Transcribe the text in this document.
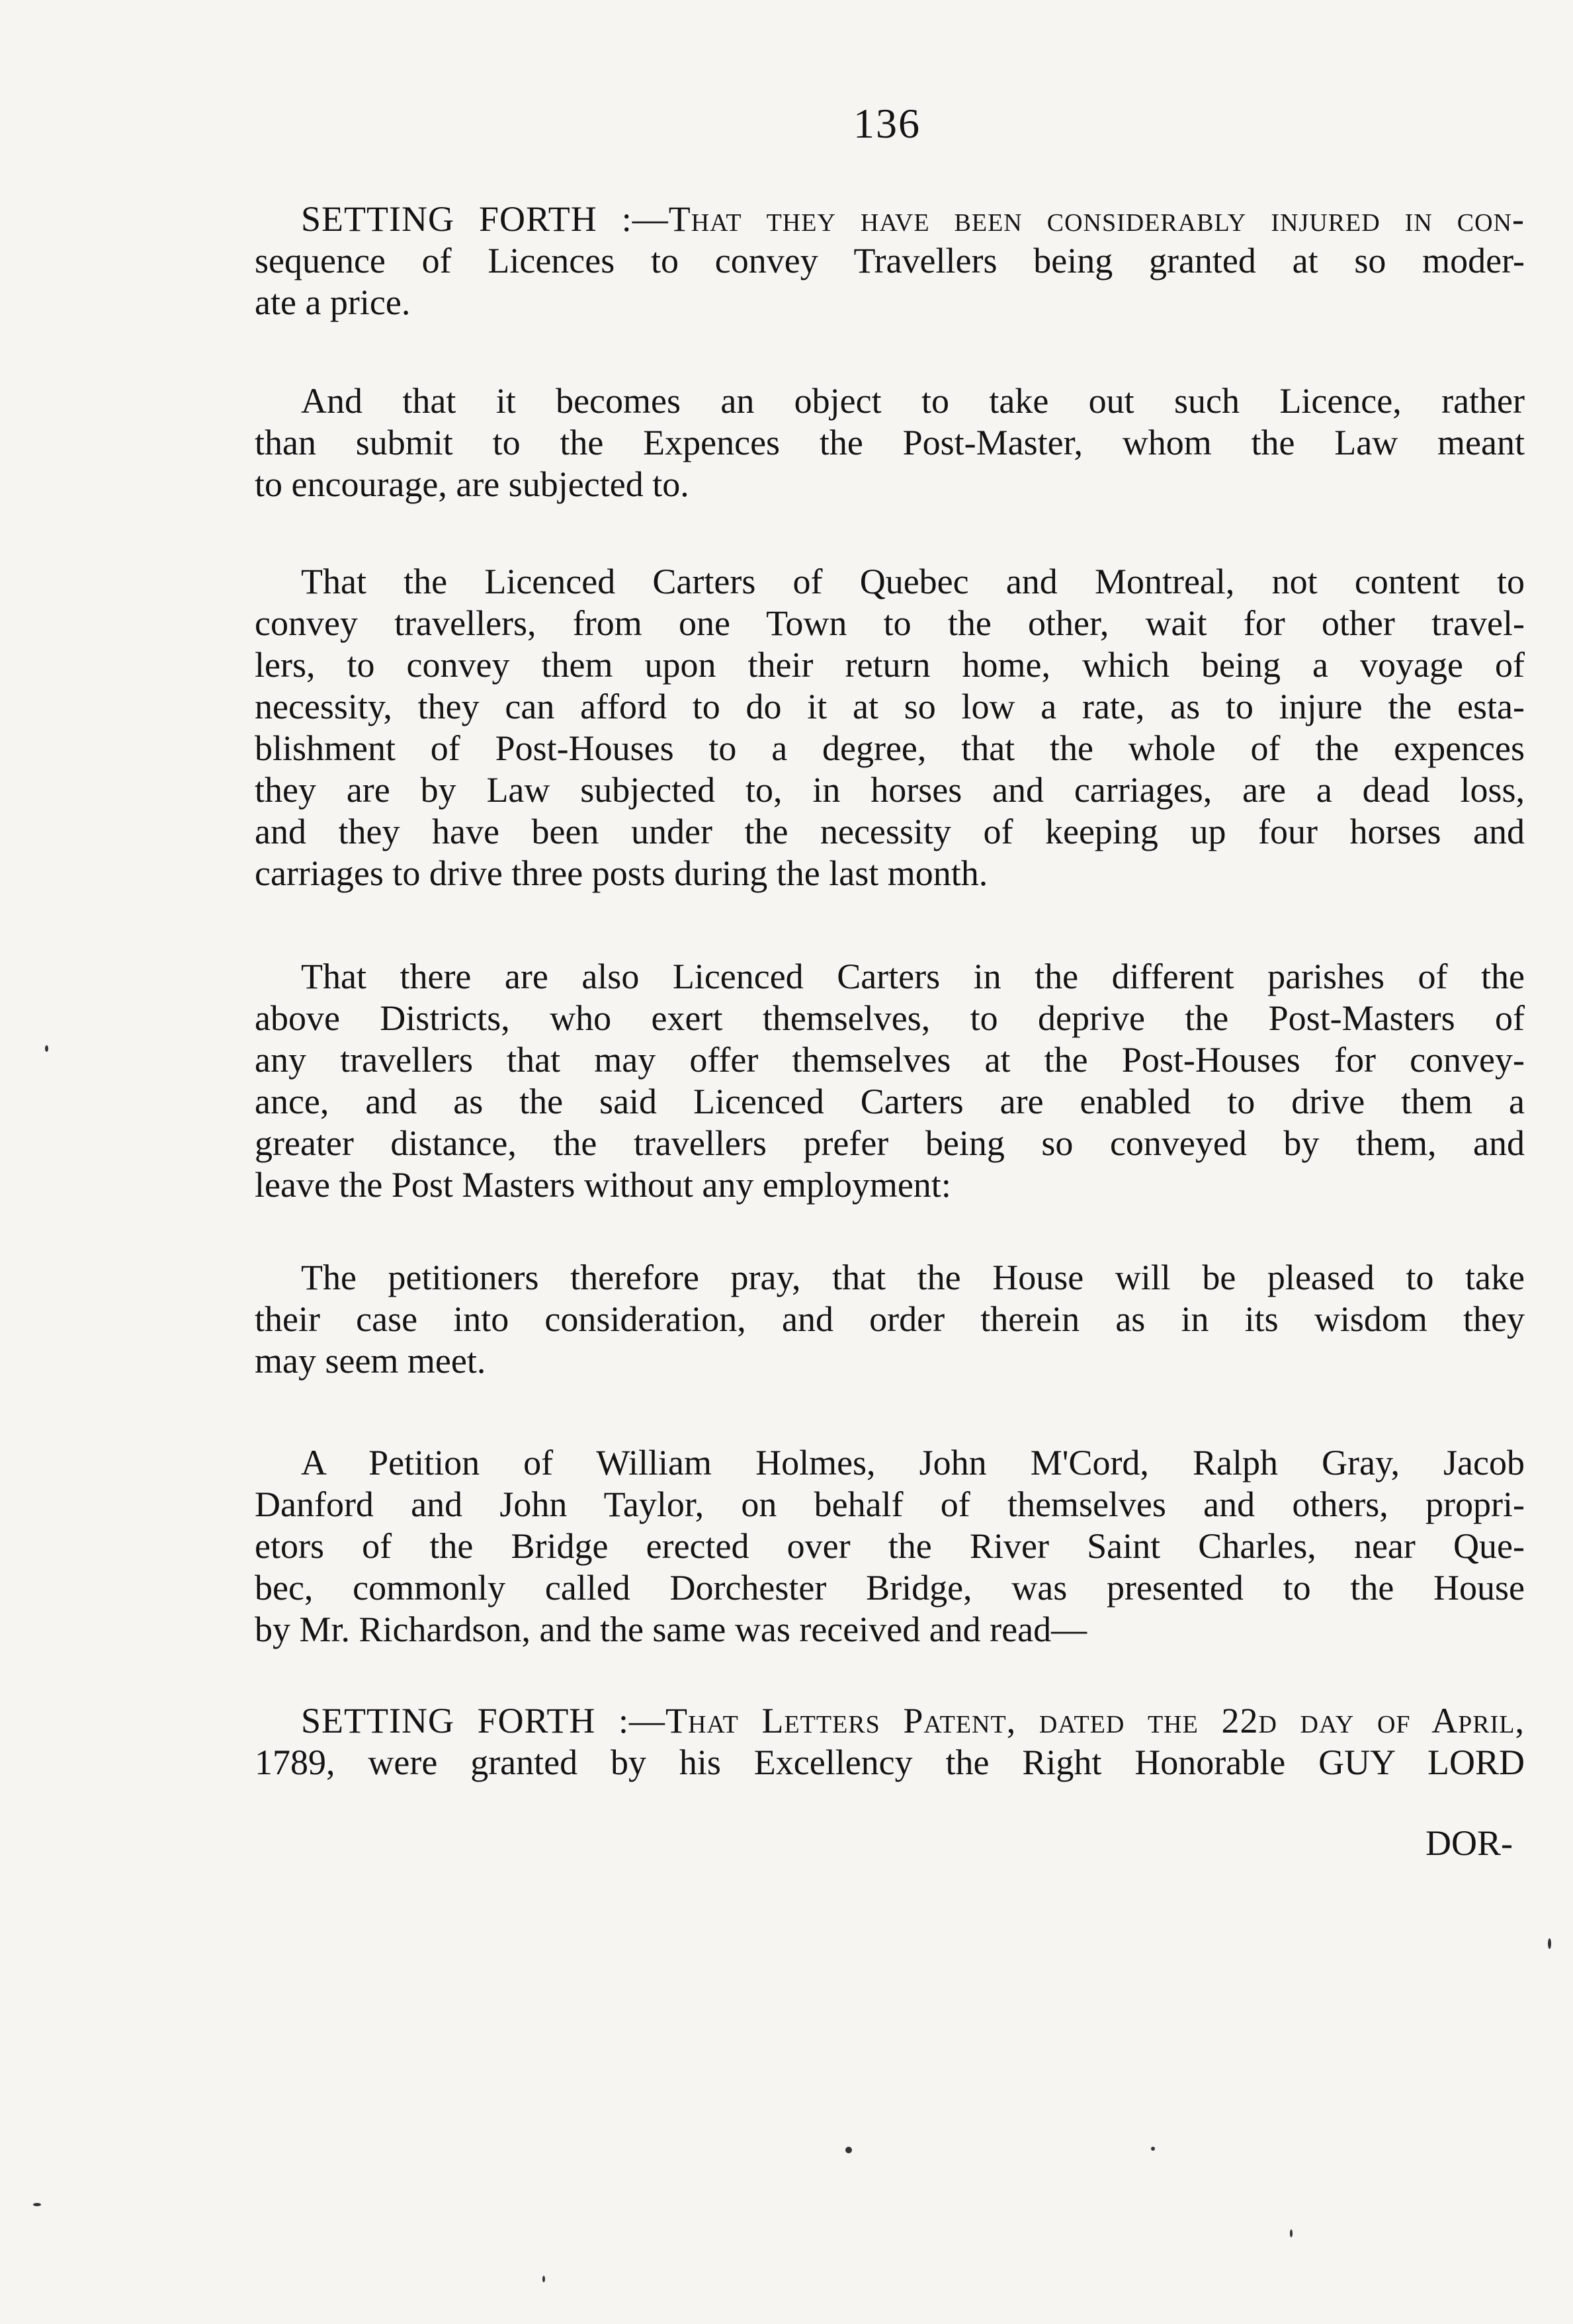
136
SETTING FORTH :—That they have been considerably injured in con-
sequence of Licences to convey Travellers being granted at so moder-
ate a price.
And that it becomes an object to take out such Licence, rather
than submit to the Expences the Post-Master, whom the Law meant
to encourage, are subjected to.
That the Licenced Carters of Quebec and Montreal, not content to
convey travellers, from one Town to the other, wait for other travel-
lers, to convey them upon their return home, which being a voyage of
necessity, they can afford to do it at so low a rate, as to injure the esta-
blishment of Post-Houses to a degree, that the whole of the expences
they are by Law subjected to, in horses and carriages, are a dead loss,
and they have been under the necessity of keeping up four horses and
carriages to drive three posts during the last month.
That there are also Licenced Carters in the different parishes of the
above Districts, who exert themselves, to deprive the Post-Masters of
any travellers that may offer themselves at the Post-Houses for convey-
ance, and as the said Licenced Carters are enabled to drive them a
greater distance, the travellers prefer being so conveyed by them, and
leave the Post Masters without any employment:
The petitioners therefore pray, that the House will be pleased to take
their case into consideration, and order therein as in its wisdom they
may seem meet.
A Petition of William Holmes, John M'Cord, Ralph Gray, Jacob
Danford and John Taylor, on behalf of themselves and others, propri-
etors of the Bridge erected over the River Saint Charles, near Que-
bec, commonly called Dorchester Bridge, was presented to the House
by Mr. Richardson, and the same was received and read—
SETTING FORTH :—That Letters Patent, dated the 22d day of April,
1789, were granted by his Excellency the Right Honorable GUY LORD
DOR-
